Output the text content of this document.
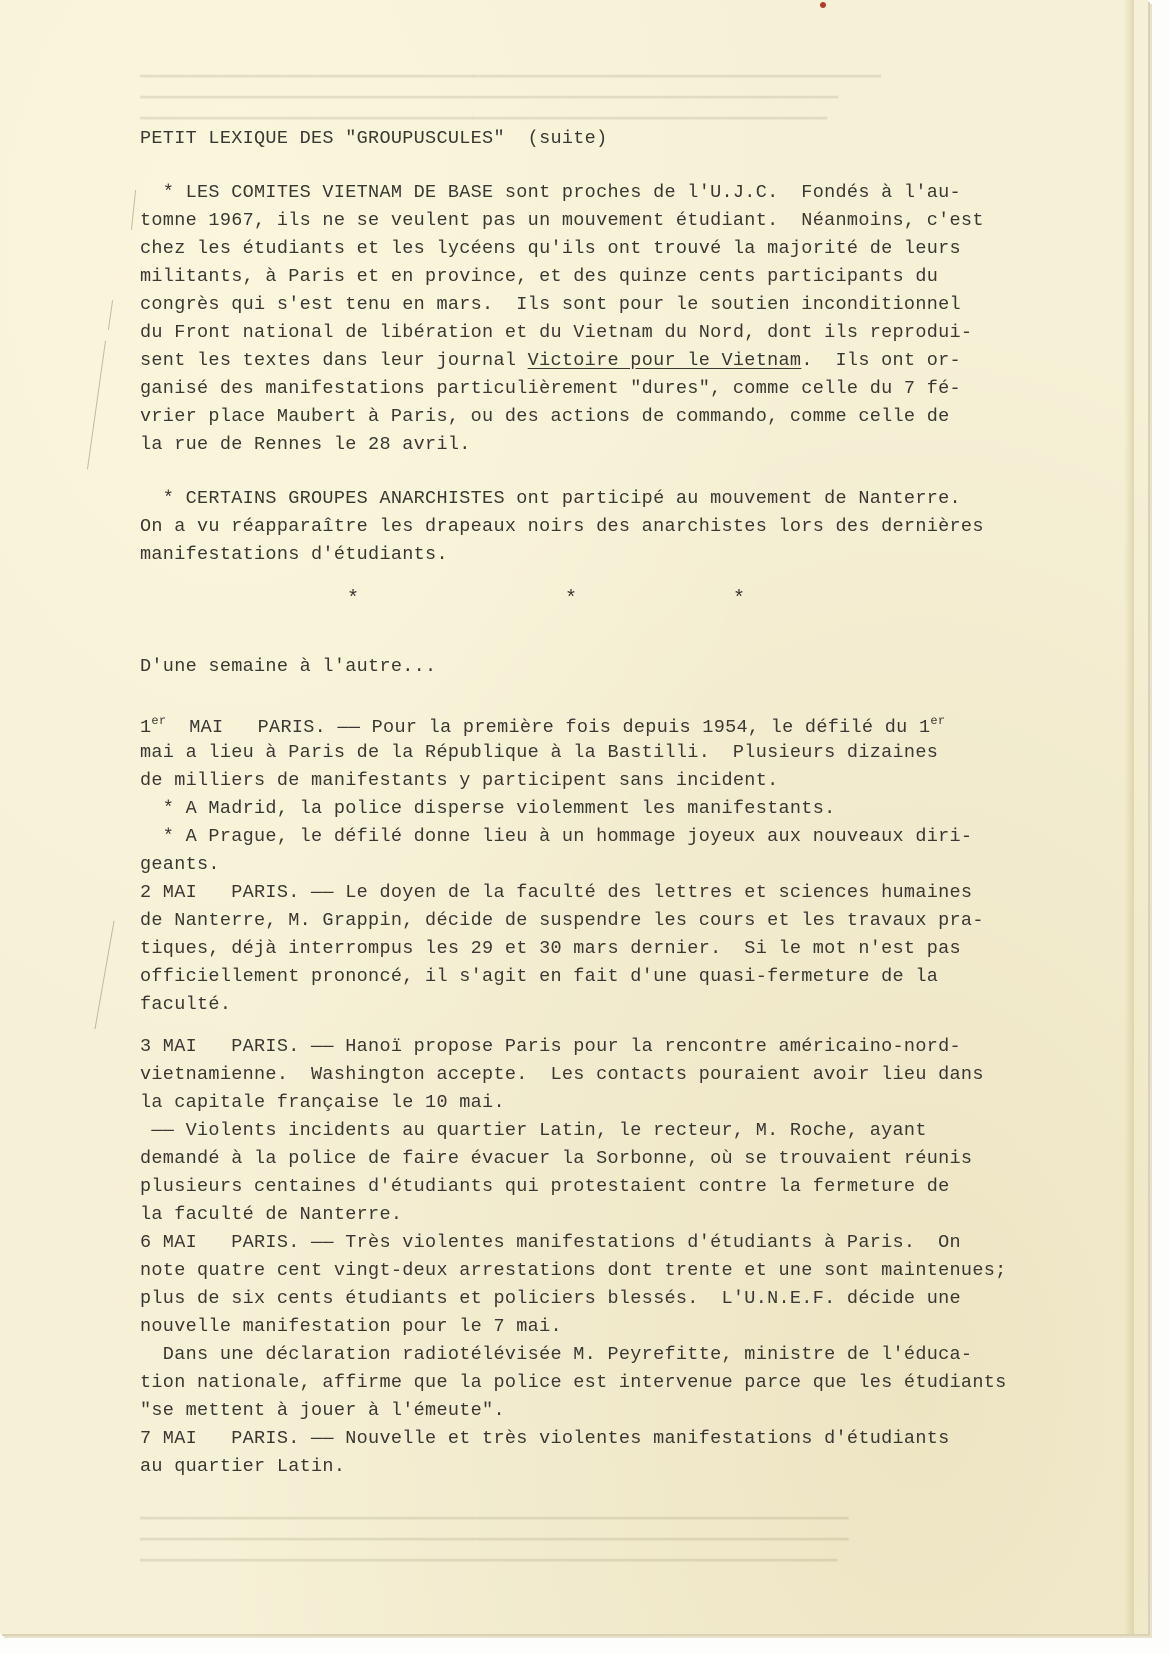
▁▁▁▁▁▁▁▁▁▁▁▁▁▁▁▁▁▁▁▁▁▁▁▁▁▁▁▁▁▁▁▁▁▁▁▁▁▁▁▁▁▁▁▁▁▁▁▁▁▁▁▁▁▁▁▁▁▁▁▁▁▁▁▁▁▁▁▁▁
▁▁▁▁▁▁▁▁▁▁▁▁▁▁▁▁▁▁▁▁▁▁▁▁▁▁▁▁▁▁▁▁▁▁▁▁▁▁▁▁▁▁▁▁▁▁▁▁▁▁▁▁▁▁▁▁▁▁▁▁▁▁▁▁▁
▁▁▁▁▁▁▁▁▁▁▁▁▁▁▁▁▁▁▁▁▁▁▁▁▁▁▁▁▁▁▁▁▁▁▁▁▁▁▁▁▁▁▁▁▁▁▁▁▁▁▁▁▁▁▁▁▁▁▁▁▁▁▁▁
PETIT LEXIQUE DES "GROUPUSCULES"  (suite)
* LES COMITES VIETNAM DE BASE sont proches de l'U.J.C.  Fondés à l'au-
tomne 1967, ils ne se veulent pas un mouvement étudiant.  Néanmoins, c'est
chez les étudiants et les lycéens qu'ils ont trouvé la majorité de leurs
militants, à Paris et en province, et des quinze cents participants du
congrès qui s'est tenu en mars.  Ils sont pour le soutien inconditionnel
du Front national de libération et du Vietnam du Nord, dont ils reprodui-
sent les textes dans leur journal Victoire pour le Vietnam.  Ils ont or-
ganisé des manifestations particulièrement "dures", comme celle du 7 fé-
vrier place Maubert à Paris, ou des actions de commando, comme celle de
la rue de Rennes le 28 avril.
* CERTAINS GROUPES ANARCHISTES ont participé au mouvement de Nanterre.
On a vu réapparaître les drapeaux noirs des anarchistes lors des dernières
manifestations d'étudiants.
*	*	*
D'une semaine à l'autre...
1er  MAI   PARIS. —— Pour la première fois depuis 1954, le défilé du 1er
mai a lieu à Paris de la République à la Bastilli.  Plusieurs dizaines
de milliers de manifestants y participent sans incident.
* A Madrid, la police disperse violemment les manifestants.
* A Prague, le défilé donne lieu à un hommage joyeux aux nouveaux diri-
geants.
2 MAI   PARIS. —— Le doyen de la faculté des lettres et sciences humaines
de Nanterre, M. Grappin, décide de suspendre les cours et les travaux pra-
tiques, déjà interrompus les 29 et 30 mars dernier.  Si le mot n'est pas
officiellement prononcé, il s'agit en fait d'une quasi-fermeture de la
faculté.
3 MAI   PARIS. —— Hanoï propose Paris pour la rencontre américaino-nord-
vietnamienne.  Washington accepte.  Les contacts pouraient avoir lieu dans
la capitale française le 10 mai.
—— Violents incidents au quartier Latin, le recteur, M. Roche, ayant
demandé à la police de faire évacuer la Sorbonne, où se trouvaient réunis
plusieurs centaines d'étudiants qui protestaient contre la fermeture de
la faculté de Nanterre.
6 MAI   PARIS. —— Très violentes manifestations d'étudiants à Paris.  On
note quatre cent vingt-deux arrestations dont trente et une sont maintenues;
plus de six cents étudiants et policiers blessés.  L'U.N.E.F. décide une
nouvelle manifestation pour le 7 mai.
Dans une déclaration radiotélévisée M. Peyrefitte, ministre de l'éduca-
tion nationale, affirme que la police est intervenue parce que les étudiants
"se mettent à jouer à l'émeute".
7 MAI   PARIS. —— Nouvelle et très violentes manifestations d'étudiants
au quartier Latin.
▁▁▁▁▁▁▁▁▁▁▁▁▁▁▁▁▁▁▁▁▁▁▁▁▁▁▁▁▁▁▁▁▁▁▁▁▁▁▁▁▁▁▁▁▁▁▁▁▁▁▁▁▁▁▁▁▁▁▁▁▁▁▁▁▁▁
▁▁▁▁▁▁▁▁▁▁▁▁▁▁▁▁▁▁▁▁▁▁▁▁▁▁▁▁▁▁▁▁▁▁▁▁▁▁▁▁▁▁▁▁▁▁▁▁▁▁▁▁▁▁▁▁▁▁▁▁▁▁▁▁▁▁
▁▁▁▁▁▁▁▁▁▁▁▁▁▁▁▁▁▁▁▁▁▁▁▁▁▁▁▁▁▁▁▁▁▁▁▁▁▁▁▁▁▁▁▁▁▁▁▁▁▁▁▁▁▁▁▁▁▁▁▁▁▁▁▁▁
